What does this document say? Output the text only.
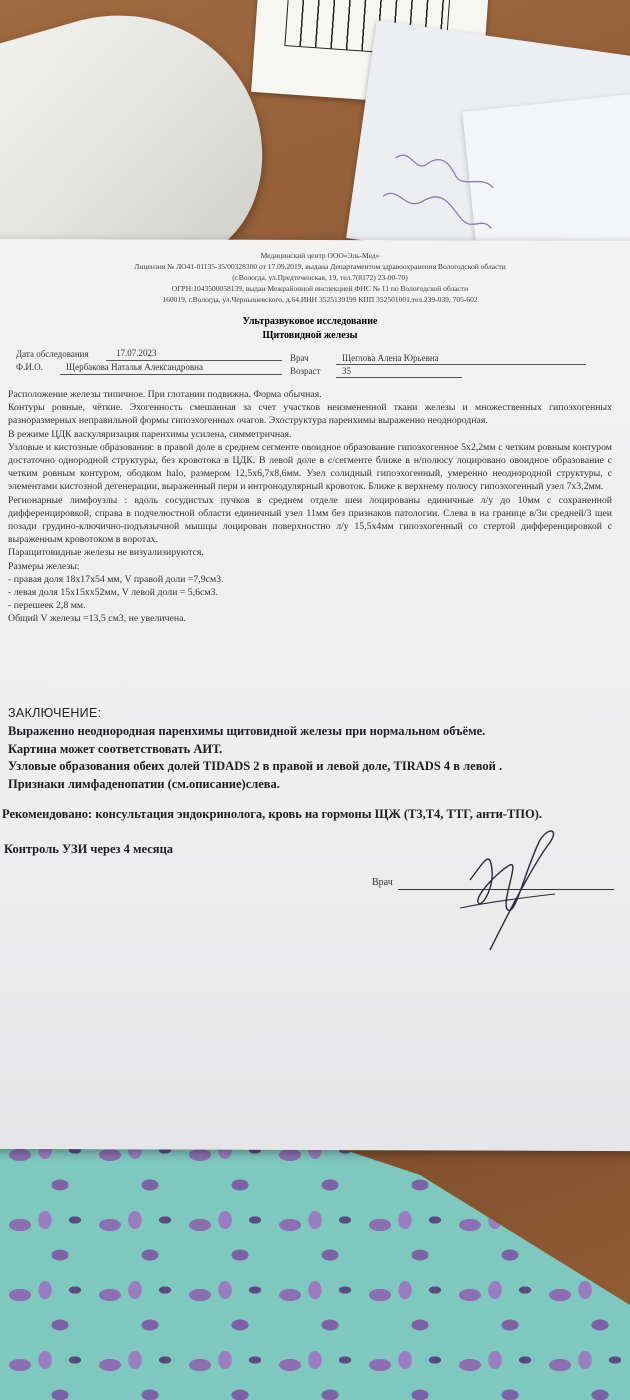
Медицинский центр ООО«Эль-Мед»
Лицензия № ЛО41-01135-35/00328300 от 17.09.2019, выдана Департаментом здравоохранения Вологодской области
(г.Вологда, ул.Предтеченская, 19, тел.7(8172) 23-00-70)
ОГРН:1043500058139, выдан Межрайонной инспекцией ФНС № 11 по Вологодской области
160019, г.Вологда, ул.Чернышевского, д.64,ИНН 3525139199 КПП 352501001,тел.239-039, 705-602
Ультразвуковое исследование
Щитовидной железы
Дата обследования	17.07.2023
Ф.И.О.	Щербакова Наталья Александровна
Врач	Щеглова Алена Юрьевна
Возраст 35

Расположение железы типичное. При глотании подвижна. Форма обычная.

Контуры ровные, чёткие. Эхогенность смешанная за счет участков неизмененной ткани железы и множественных гипоэхогенных разноразмерных неправильной формы гипоэхогенных очагов. Эхоструктура паренхимы выраженно неоднородная.

В режиме ЦДК васкуляризация паренхимы усилена, симметричная.

Узловые и кистозные образования: в правой доле в среднем сегменте овоидное образование гипоэхогенное 5х2,2мм с четким ровным контуром достаточно однородной структуры, без кровотока в ЦДК. В левой доле в с/сегменте ближе в н/полюсу лоцировано овоидное образование с четким ровным контуром, ободком halo, размером 12,5х6,7х8,6мм. Узел солидный гипоэхогенный, умеренно неоднородной структуры, с элементами кистозной дегенерации, выраженный пери и интронодулярный кровоток. Ближе к верхнему полюсу гипоэхогенный узел 7х3,2мм.

Регионарные лимфоузлы : вдоль сосудистых пучков в среднем отделе шеи лоцированы единичные л/у до 10мм с сохраненной дифференцировкой, справа в подчелюстной области единичный узел 11мм без признаков патологии. Слева в на границе в/3и средней/3 шеи позади грудино-ключично-подъязычной мышцы лоцирован поверхностно л/у 15,5х4мм гипоэхогенный со стертой дифференцировкой с выраженным кровотоком в воротах.

Паращитовидные железы не визуализируются.

Размеры железы:

- правая доля 18х17х54 мм, V правой доли =7,9см3.

- левая доля 15х15хх52мм, V левой доли = 5,6см3.

- перешеек 2,8 мм.

Общий V железы =13,5 см3, не увеличена.

ЗАКЛЮЧЕНИЕ:
Выраженно неоднородная паренхимы щитовидной железы при нормальном объёме.
Картина может соответствовать АИТ.
Узловые образования обеих долей TIDADS 2 в правой и левой доле, TIRADS 4 в левой .
Признаки лимфаденопатии (см.описание)слева.
Рекомендовано: консультация эндокринолога, кровь на гормоны ЩЖ (Т3,Т4, ТТГ, анти-ТПО).
Контроль УЗИ через 4 месяца
Врач
